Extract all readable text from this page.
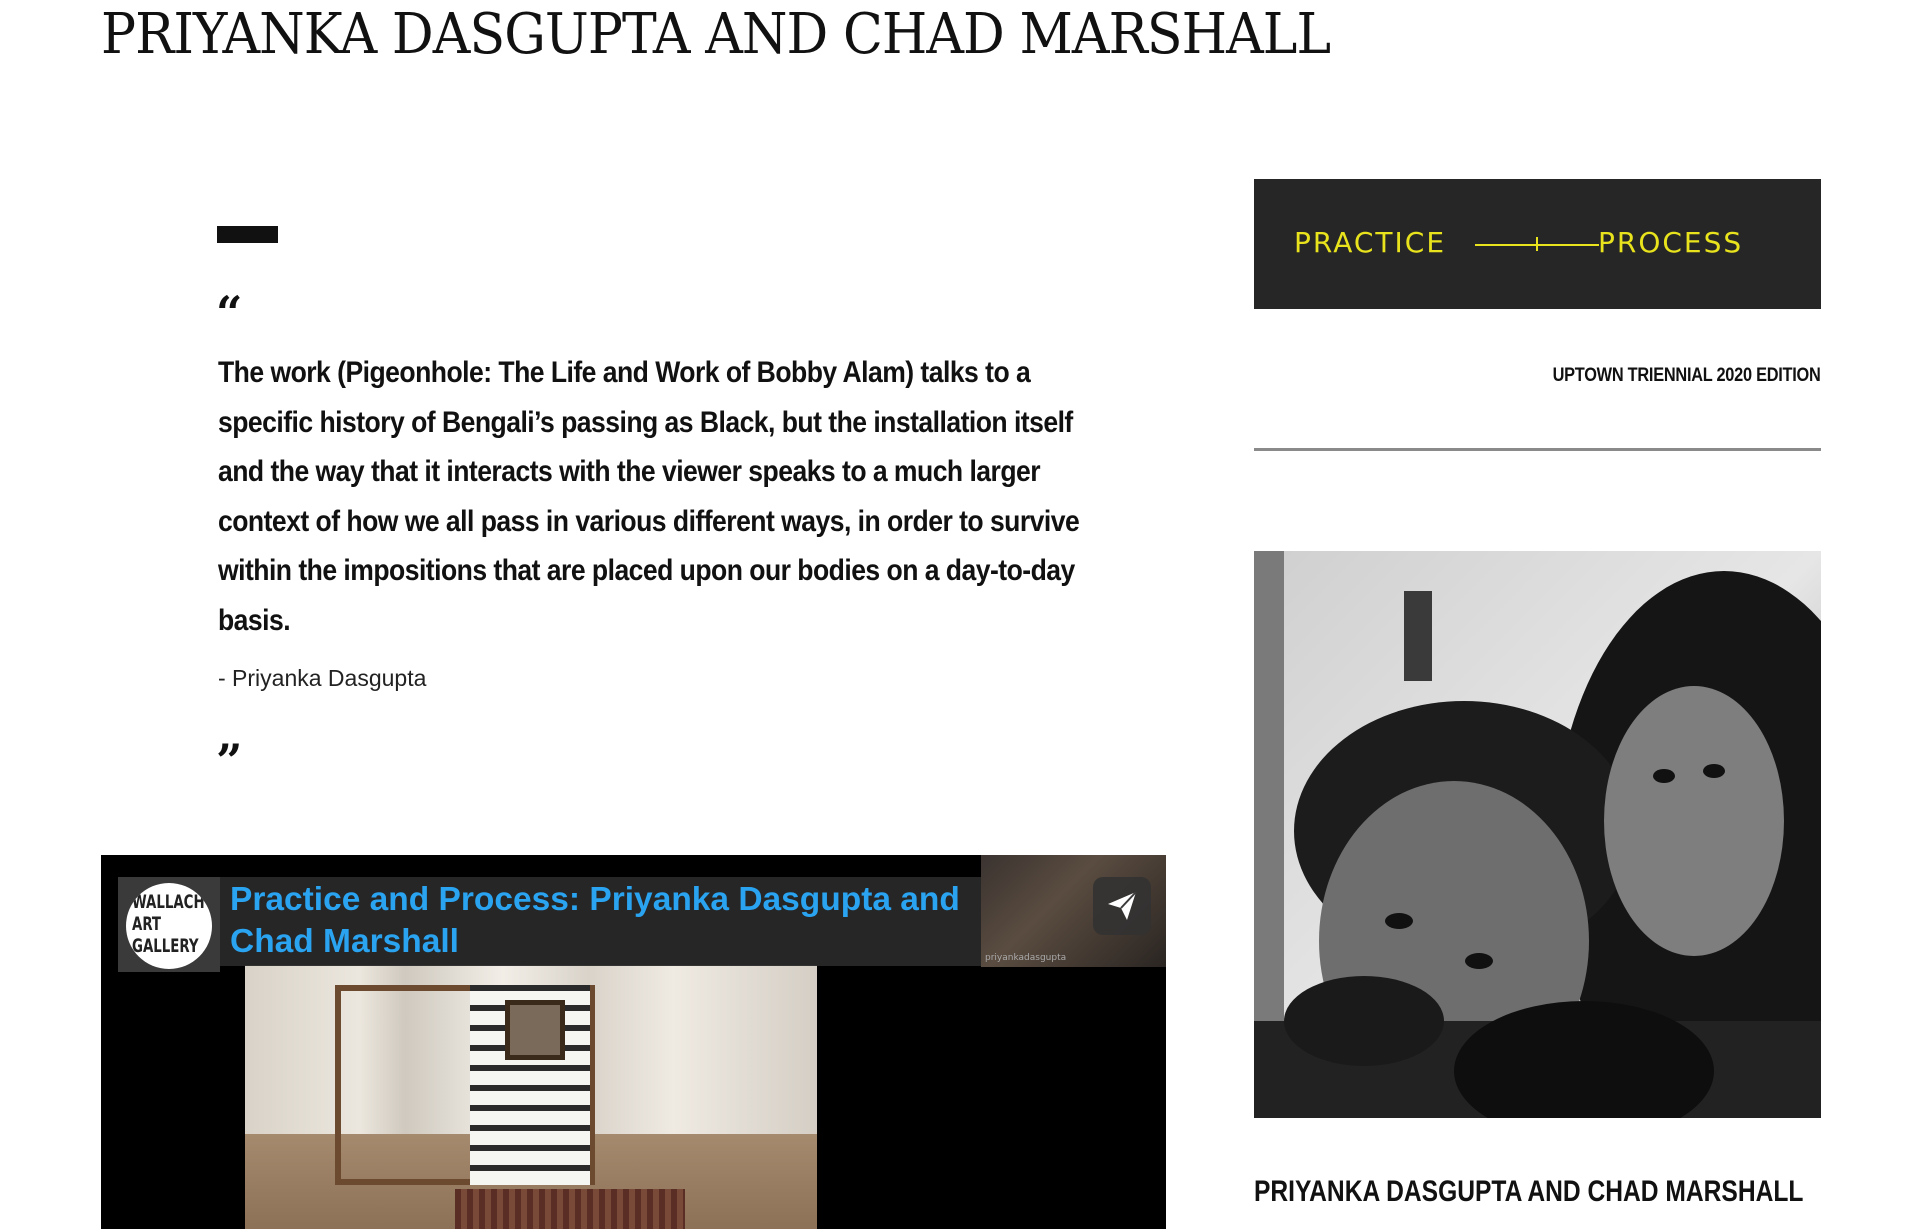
PRIYANKA DASGUPTA AND CHAD MARSHALL
“

The work (Pigeonhole: The Life and Work of Bobby Alam) talks to a specific history of Bengali’s passing as Black, but the installation itself and the way that it interacts with the viewer speaks to a much larger context of how we all pass in various different ways, in order to survive within the impositions that are placed upon our bodies on a day-to-day basis.

- Priyanka Dasgupta

”
priyankadasgupta
WALLACH ART GALLERY
Practice and Process: Priyanka Dasgupta and Chad Marshall
PRACTICE	PROCESS

UPTOWN TRIENNIAL 2020 EDITION

PRIYANKA DASGUPTA AND CHAD MARSHALL
